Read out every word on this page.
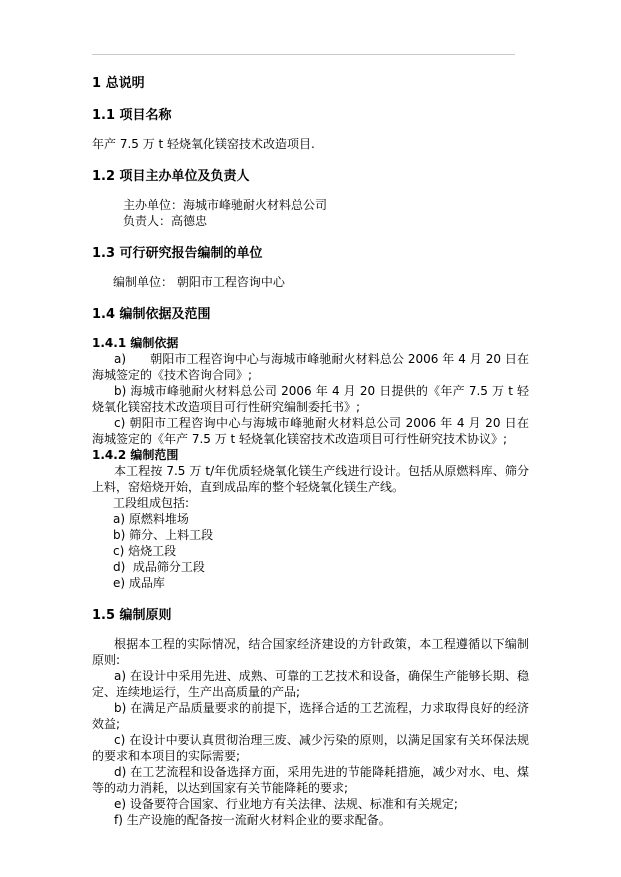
1 总说明
1.1 项目名称
年产 7.5 万 t 轻烧氧化镁窑技术改造项目.
1.2 项目主办单位及负责人
主办单位：海城市峰驰耐火材料总公司
负责人：高德忠
1.3 可行研究报告编制的单位
编制单位： 朝阳市工程咨询中心
1.4 编制依据及范围
1.4.1 编制依据
a)　　朝阳市工程咨询中心与海城市峰驰耐火材料总公 2006 年 4 月 20 日在海城签定的《技术咨询合同》;
b) 海城市峰驰耐火材料总公司 2006 年 4 月 20 日提供的《年产 7.5 万 t 轻烧氧化镁窑技术改造项目可行性研究编制委托书》;
c) 朝阳市工程咨询中心与海城市峰驰耐火材料总公司 2006 年 4 月 20 日在海城签定的《年产 7.5 万 t 轻烧氧化镁窑技术改造项目可行性研究技术协议》;
1.4.2 编制范围
本工程按 7.5 万 t/年优质轻烧氧化镁生产线进行设计。包括从原燃料库、筛分上料，窑焙烧开始，直到成品库的整个轻烧氧化镁生产线。
工段组成包括:
a) 原燃料堆场
b) 筛分、上料工段
c) 焙烧工段
d)  成品筛分工段
e) 成品库
1.5 编制原则
根据本工程的实际情况，结合国家经济建设的方针政策，本工程遵循以下编制原则:
a) 在设计中采用先进、成熟、可靠的工艺技术和设备，确保生产能够长期、稳定、连续地运行，生产出高质量的产品;
b) 在满足产品质量要求的前提下，选择合适的工艺流程，力求取得良好的经济效益;
c) 在设计中要认真贯彻治理三废、减少污染的原则，以满足国家有关环保法规的要求和本项目的实际需要;
d) 在工艺流程和设备选择方面，采用先进的节能降耗措施，减少对水、电、煤等的动力消耗，以达到国家有关节能降耗的要求;
e) 设备要符合国家、行业地方有关法律、法规、标准和有关规定;
f) 生产设施的配备按一流耐火材料企业的要求配备。
